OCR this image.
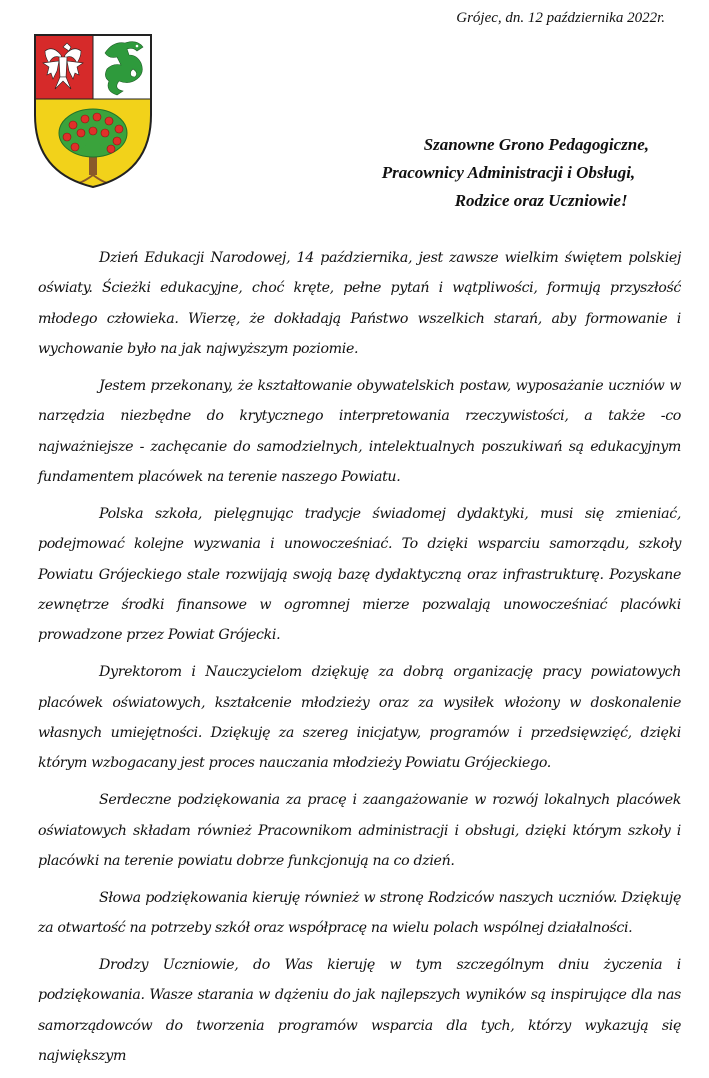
Grójec, dn. 12 października 2022r.
Szanowne Grono Pedagogiczne,
Pracownicy Administracji i Obsługi,
Rodzice oraz Uczniowie!

Dzień Edukacji Narodowej, 14 października, jest zawsze wielkim świętem polskiej oświaty. Ścieżki edukacyjne, choć kręte, pełne pytań i wątpliwości, formują przyszłość młodego człowieka. Wierzę, że dokładają Państwo wszelkich starań, aby formowanie i wychowanie było na jak najwyższym poziomie.

Jestem przekonany, że kształtowanie obywatelskich postaw, wyposażanie uczniów w narzędzia niezbędne do krytycznego interpretowania rzeczywistości, a także -co najważniejsze - zachęcanie do samodzielnych, intelektualnych poszukiwań są edukacyjnym fundamentem placówek na terenie naszego Powiatu.

Polska szkoła, pielęgnując tradycje świadomej dydaktyki, musi się zmieniać, podejmować kolejne wyzwania i unowocześniać. To dzięki wsparciu samorządu, szkoły Powiatu Grójeckiego stale rozwijają swoją bazę dydaktyczną oraz infrastrukturę. Pozyskane zewnętrze środki finansowe w ogromnej mierze pozwalają unowocześniać placówki prowadzone przez Powiat Grójecki.

Dyrektorom i Nauczycielom dziękuję za dobrą organizację pracy powiatowych placówek oświatowych, kształcenie młodzieży oraz za wysiłek włożony w doskonalenie własnych umiejętności. Dziękuję za szereg inicjatyw, programów i przedsięwzięć, dzięki którym wzbogacany jest proces nauczania młodzieży Powiatu Grójeckiego.

Serdeczne podziękowania za pracę i zaangażowanie w rozwój lokalnych placówek oświatowych składam również Pracownikom administracji i obsługi, dzięki którym szkoły i placówki na terenie powiatu dobrze funkcjonują na co dzień.

Słowa podziękowania kieruję również w stronę Rodziców naszych uczniów. Dziękuję za otwartość na potrzeby szkół oraz współpracę na wielu polach wspólnej działalności.

Drodzy Uczniowie, do Was kieruję w tym szczególnym dniu życzenia i podziękowania. Wasze starania w dążeniu do jak najlepszych wyników są inspirujące dla nas samorządowców do tworzenia programów wsparcia dla tych, którzy wykazują się największym
